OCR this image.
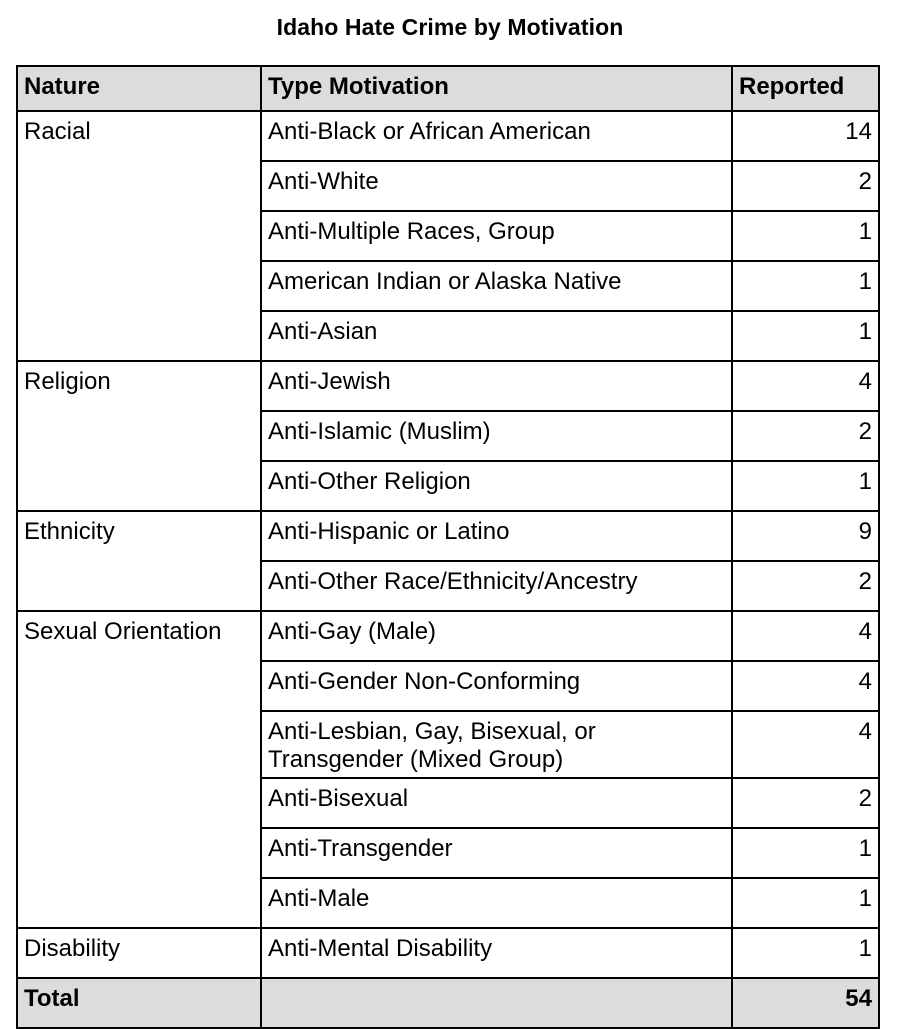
Idaho Hate Crime by Motivation
Nature	Type Motivation	Reported
Racial	Anti-Black or African American	14
	Anti-White	2
	Anti-Multiple Races, Group	1
	American Indian or Alaska Native	1
	Anti-Asian	1
Religion	Anti-Jewish	4
	Anti-Islamic (Muslim)	2
	Anti-Other Religion	1
Ethnicity	Anti-Hispanic or Latino	9
	Anti-Other Race/Ethnicity/Ancestry	2
Sexual Orientation	Anti-Gay (Male)	4
	Anti-Gender Non-Conforming	4
	Anti-Lesbian, Gay, Bisexual, or Transgender (Mixed Group)	4
	Anti-Bisexual	2
	Anti-Transgender	1
	Anti-Male	1
Disability	Anti-Mental Disability	1
Total		54
